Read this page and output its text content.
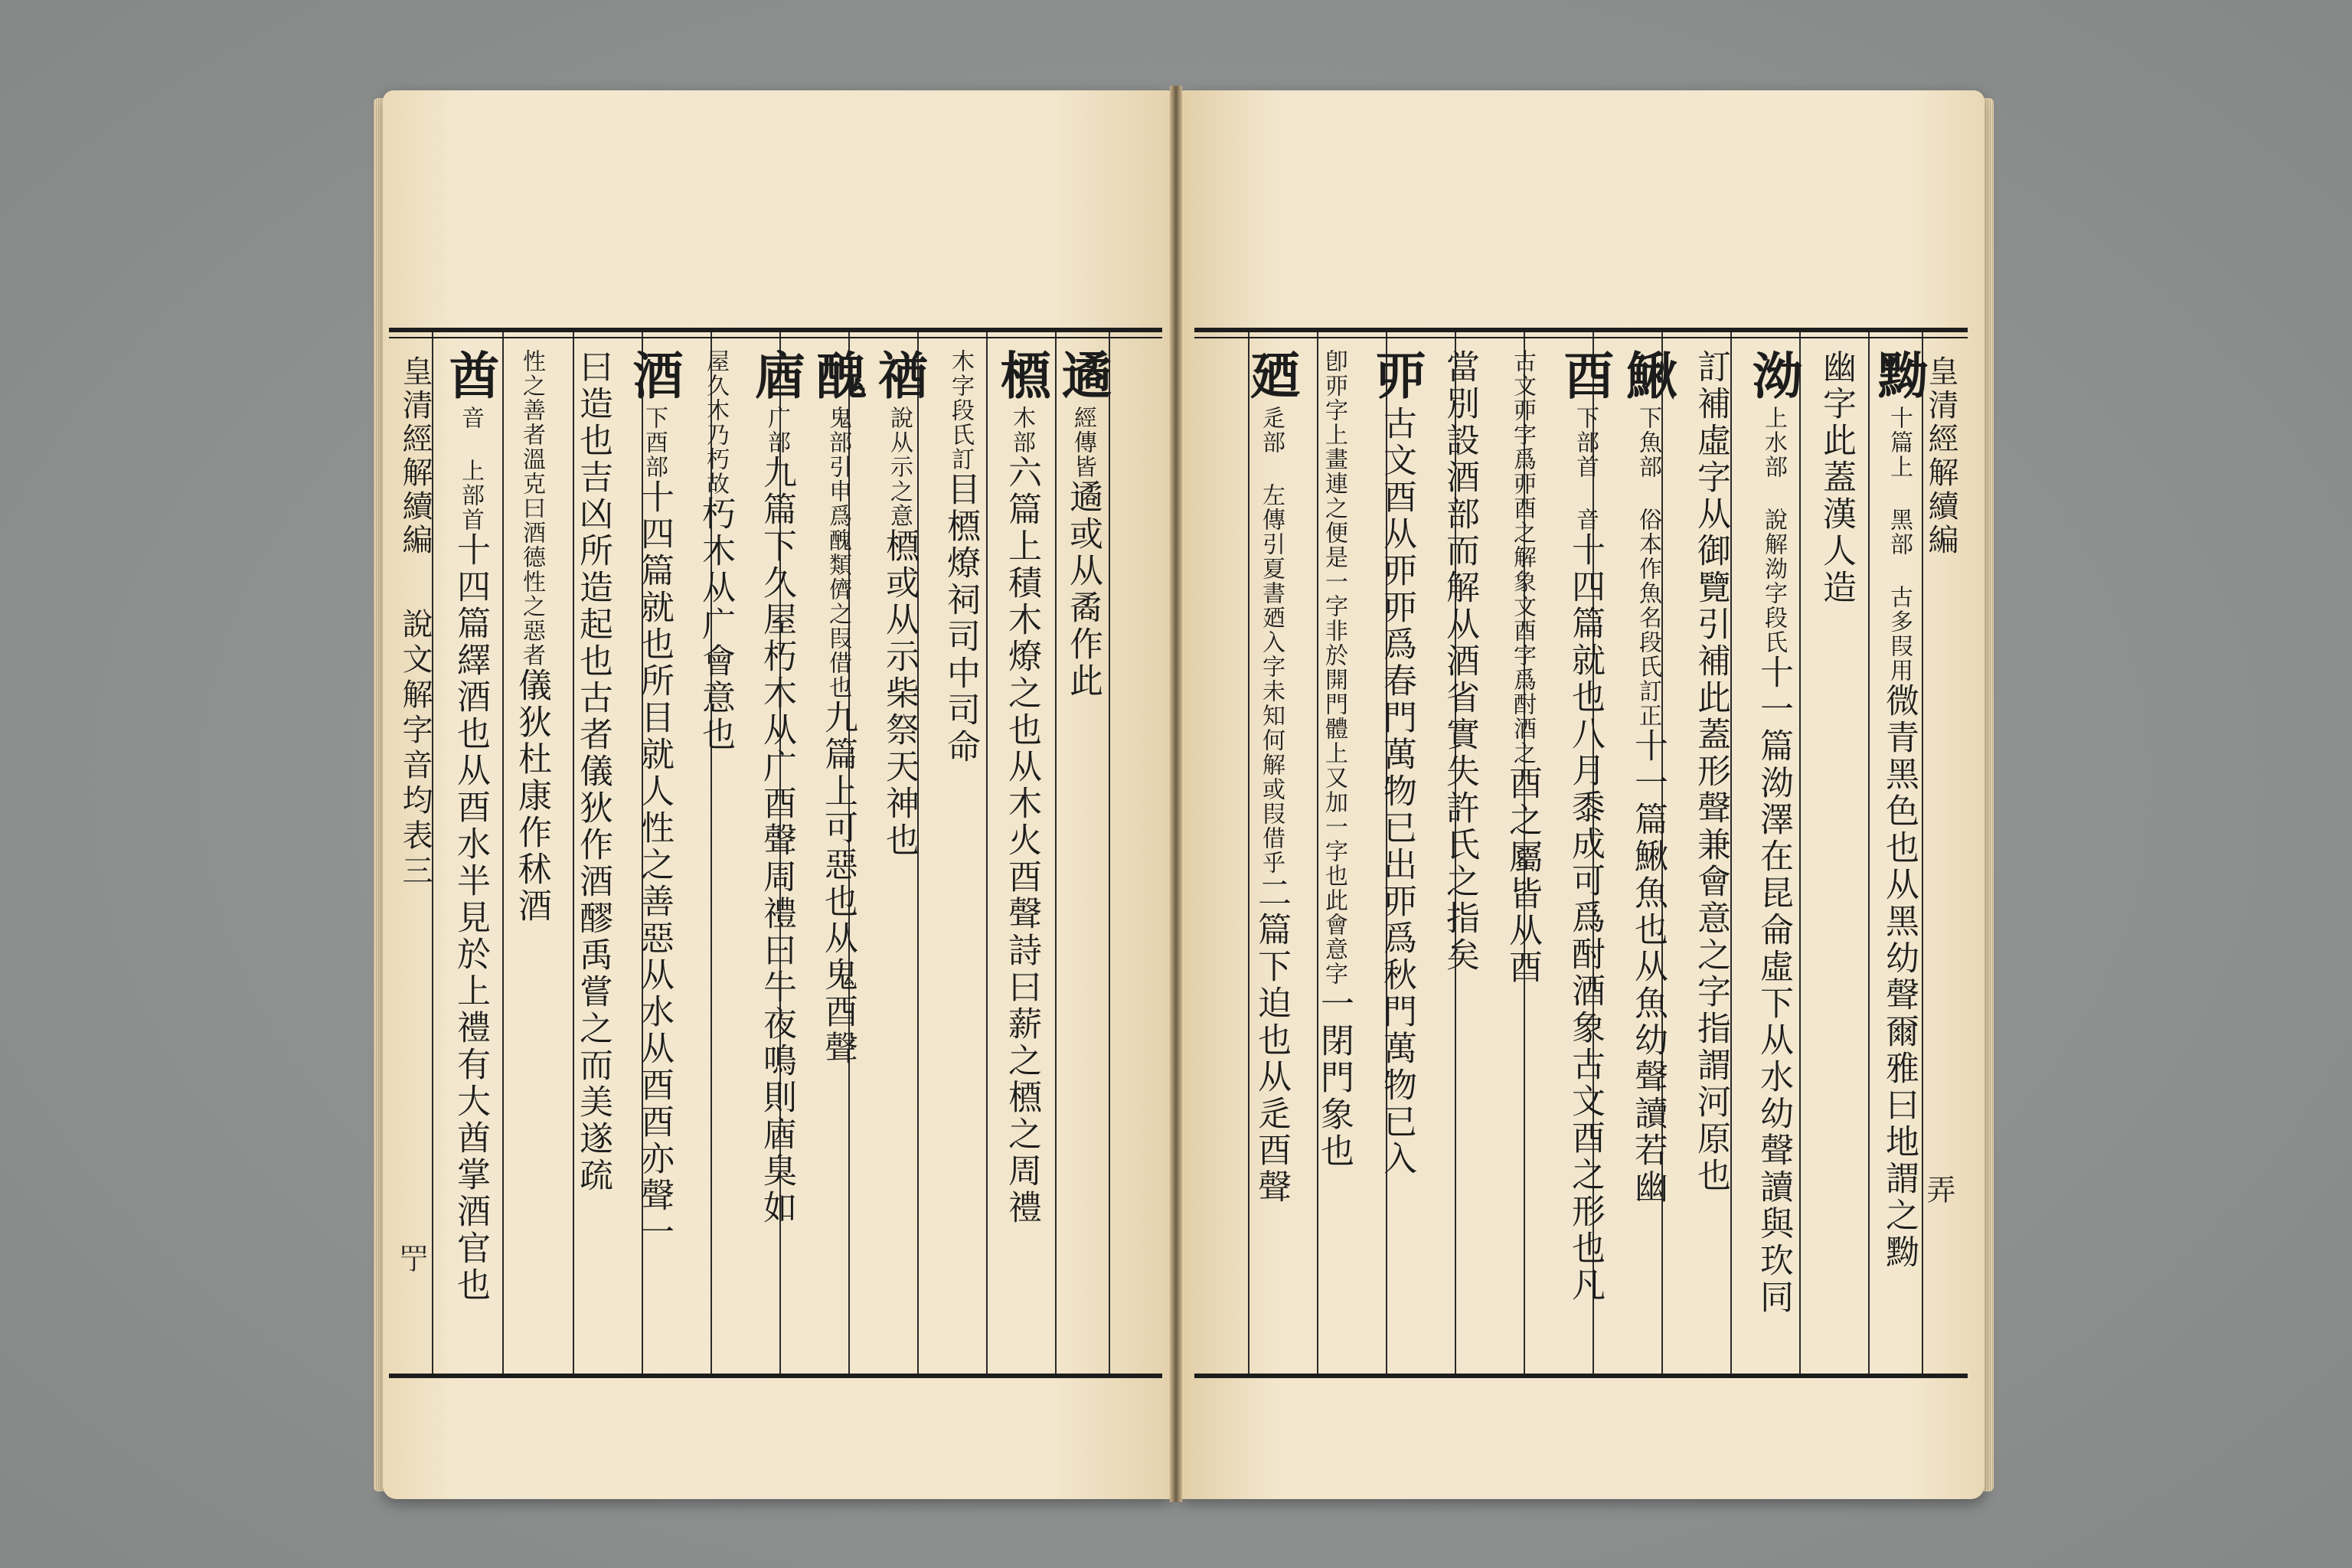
皇清經解續編
說文解字音均表三
𦉬
遹經傳皆遹或从矞作此
槱木部六篇上積木燎之也从木火酉聲詩曰薪之槱之周禮
木字段氏訂目槱燎祠司中司命
禉說从示之意槱或从示柴祭天神也
醜鬼部引申爲醜類儕之叚借也九篇上可惡也从鬼酉聲
庮广部九篇下久屋朽木从广酉聲周禮曰牛夜鳴則庮臭如
屋久木乃朽故朽木从广會意也
酒下酉部十四篇就也所目就人性之善惡从水从酉酉亦聲一
曰造也吉凶所造起也古者儀狄作酒醪禹嘗之而美遂疏
性之善者溫克曰酒德性之惡者儀狄杜康作秫酒
酋音 上部首十四篇繹酒也从酉水半見於上禮有大酋掌酒官也
皇清經解續編
弄
黝十篇上 黑部 古多叚用微青黑色也从黑幼聲爾雅曰地謂之黝
幽字此蓋漢人造
泑上水部 說解泑字段氏十一篇泑澤在昆侖虛下从水幼聲讀與㺵同
訂補虛字从御覽引補此蓋形聲兼會意之字指謂河原也
鰍下魚部 俗本作魚名段氏訂正十一篇鰍魚也从魚幼聲讀若幽
酉下部首 音十四篇就也八月黍成可爲酎酒象古文酉之形也凡
古文丣字爲丣酉之解象文酉字爲酎酒之酉之屬皆从酉
當別設酒部而解从酒省實失許氏之指矣
丣古文酉从丣丣爲春門萬物已出丣爲秋門萬物已入
卽丣字上畫連之便是一字非於開門體上又加一字也此會意字一閉門象也
廼辵部 左傳引夏書廼入字未知何解或叚借乎二篇下迫也从辵酉聲
